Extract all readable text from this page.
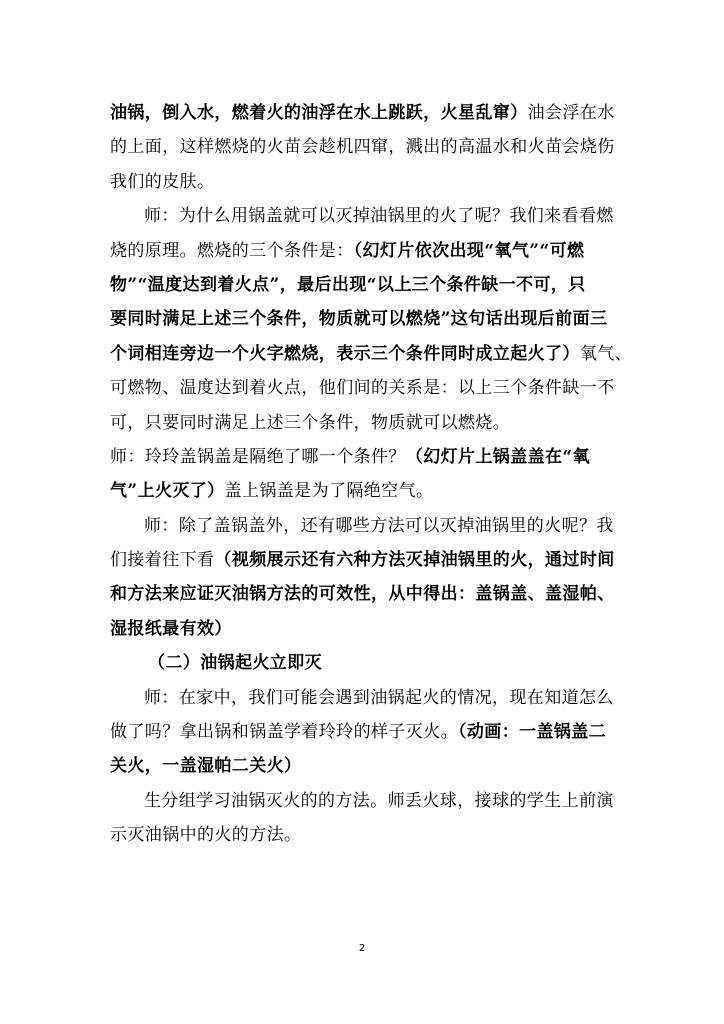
油锅，倒入水，燃着火的油浮在水上跳跃，火星乱窜）油会浮在水
的上面，这样燃烧的火苗会趁机四窜，溅出的高温水和火苗会烧伤
我们的皮肤。
师：为什么用锅盖就可以灭掉油锅里的火了呢？我们来看看燃
烧的原理。燃烧的三个条件是：（幻灯片依次出现“氧气”“可燃
物”“温度达到着火点”，最后出现“以上三个条件缺一不可，只
要同时满足上述三个条件，物质就可以燃烧”这句话出现后前面三
个词相连旁边一个火字燃烧，表示三个条件同时成立起火了）氧气、
可燃物、温度达到着火点，他们间的关系是：以上三个条件缺一不
可，只要同时满足上述三个条件，物质就可以燃烧。
师：玲玲盖锅盖是隔绝了哪一个条件？（幻灯片上锅盖盖在“氧
气”上火灭了）盖上锅盖是为了隔绝空气。
师：除了盖锅盖外，还有哪些方法可以灭掉油锅里的火呢？我
们接着往下看（视频展示还有六种方法灭掉油锅里的火，通过时间
和方法来应证灭油锅方法的可效性，从中得出：盖锅盖、盖湿帕、
湿报纸最有效）
（二）油锅起火立即灭
师：在家中，我们可能会遇到油锅起火的情况，现在知道怎么
做了吗？拿出锅和锅盖学着玲玲的样子灭火。（动画：一盖锅盖二
关火，一盖湿帕二关火）
生分组学习油锅灭火的的方法。师丢火球，接球的学生上前演
示灭油锅中的火的方法。
2
